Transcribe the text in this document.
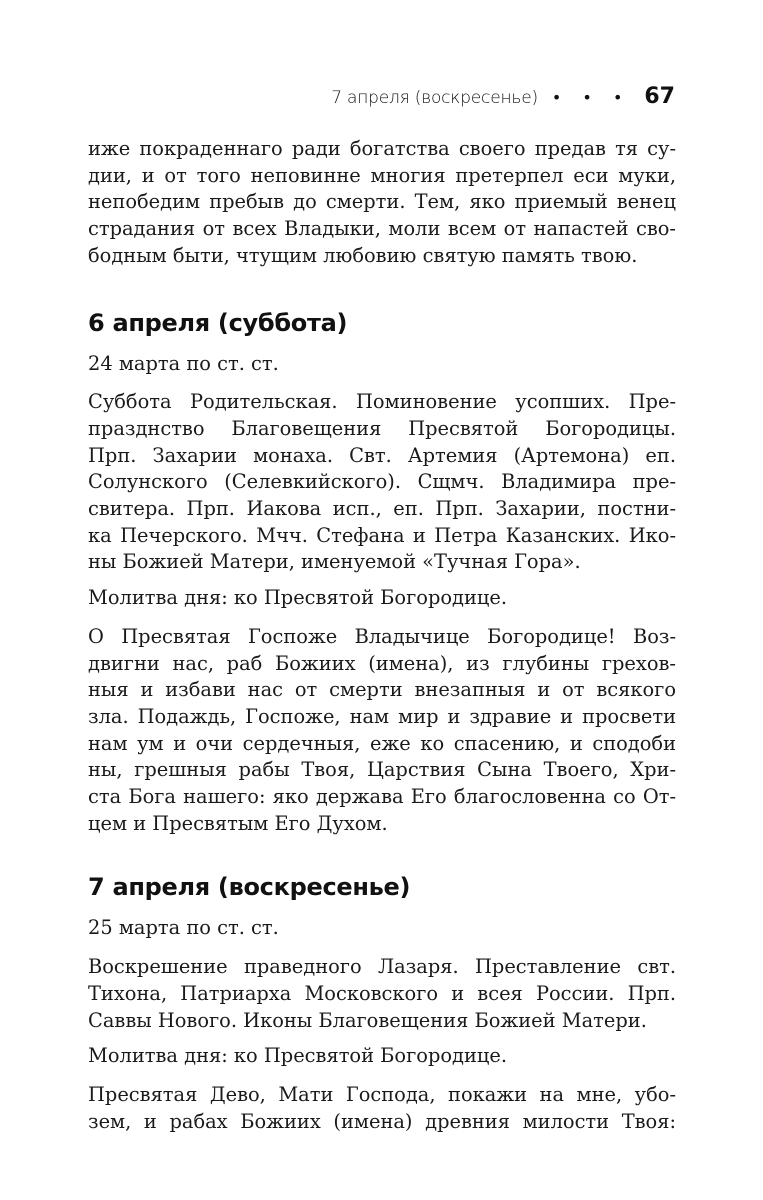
7 апреля (воскресенье) • • • 67

иже покраденнаго ради богатства своего предав тя су-
дии, и от того неповинне многия претерпел еси муки,
непобедим пребыв до смерти. Тем, яко приемый венец
страдания от всех Владыки, моли всем от напастей сво-
бодным быти, чтущим любовию святую память твою.

6 апреля (суббота)

24 марта по ст. ст.

Суббота Родительская. Поминовение усопших. Пре-
празднство Благовещения Пресвятой Богородицы.
Прп. Захарии монаха. Свт. Артемия (Артемона) еп.
Солунского (Селевкийского). Сщмч. Владимира пре-
свитера. Прп. Иакова исп., еп. Прп. Захарии, постни-
ка Печерского. Мчч. Стефана и Петра Казанских. Ико-
ны Божией Матери, именуемой «Тучная Гора».

Молитва дня: ко Пресвятой Богородице.

О Пресвятая Госпоже Владычице Богородице! Воз-
двигни нас, раб Божиих (имена), из глубины грехов-
ныя и избави нас от смерти внезапныя и от всякого
зла. Подаждь, Госпоже, нам мир и здравие и просвети
нам ум и очи сердечныя, еже ко спасению, и сподоби
ны, грешныя рабы Твоя, Царствия Сына Твоего, Хри-
ста Бога нашего: яко держава Его благословенна со От-
цем и Пресвятым Его Духом.

7 апреля (воскресенье)

25 марта по ст. ст.

Воскрешение праведного Лазаря. Преставление свт.
Тихона, Патриарха Московского и всея России. Прп.
Саввы Нового. Иконы Благовещения Божией Матери.

Молитва дня: ко Пресвятой Богородице.

Пресвятая Дево, Мати Господа, покажи на мне, убо-
зем, и рабах Божиих (имена) древния милости Твоя:
